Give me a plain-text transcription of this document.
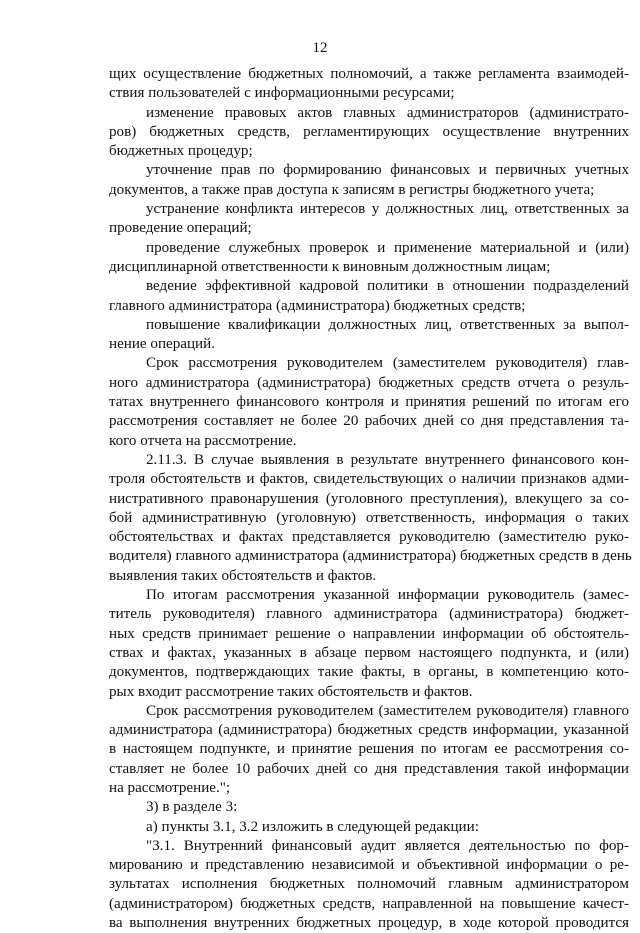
12
щих осуществление бюджетных полномочий, а также регламента взаимодей-
ствия пользователей с информационными ресурсами;
изменение правовых актов главных администраторов (администрато-
ров) бюджетных средств, регламентирующих осуществление внутренних
бюджетных процедур;
уточнение прав по формированию финансовых и первичных учетных
документов, а также прав доступа к записям в регистры бюджетного учета;
устранение конфликта интересов у должностных лиц, ответственных за
проведение операций;
проведение служебных проверок и применение материальной и (или)
дисциплинарной ответственности к виновным должностным лицам;
ведение эффективной кадровой политики в отношении подразделений
главного администратора (администратора) бюджетных средств;
повышение квалификации должностных лиц, ответственных за выпол-
нение операций.
Срок рассмотрения руководителем (заместителем руководителя) глав-
ного администратора (администратора) бюджетных средств отчета о резуль-
татах внутреннего финансового контроля и принятия решений по итогам его
рассмотрения составляет не более 20 рабочих дней со дня представления та-
кого отчета на рассмотрение.
2.11.3. В случае выявления в результате внутреннего финансового кон-
троля обстоятельств и фактов, свидетельствующих о наличии признаков адми-
нистративного правонарушения (уголовного преступления), влекущего за со-
бой административную (уголовную) ответственность, информация о таких
обстоятельствах и фактах представляется руководителю (заместителю руко-
водителя) главного администратора (администратора) бюджетных средств в день
выявления таких обстоятельств и фактов.
По итогам рассмотрения указанной информации руководитель (замес-
титель руководителя) главного администратора (администратора) бюджет-
ных средств принимает решение о направлении информации об обстоятель-
ствах и фактах, указанных в абзаце первом настоящего подпункта, и (или)
документов, подтверждающих такие факты, в органы, в компетенцию кото-
рых входит рассмотрение таких обстоятельств и фактов.
Срок рассмотрения руководителем (заместителем руководителя) главного
администратора (администратора) бюджетных средств информации, указанной
в настоящем подпункте, и принятие решения по итогам ее рассмотрения со-
ставляет не более 10 рабочих дней со дня представления такой информации
на рассмотрение.";
3) в разделе 3:
а) пункты 3.1, 3.2 изложить в следующей редакции:
"3.1. Внутренний финансовый аудит является деятельностью по фор-
мированию и представлению независимой и объективной информации о ре-
зультатах исполнения бюджетных полномочий главным администратором
(администратором) бюджетных средств, направленной на повышение качест-
ва выполнения внутренних бюджетных процедур, в ходе которой проводится
